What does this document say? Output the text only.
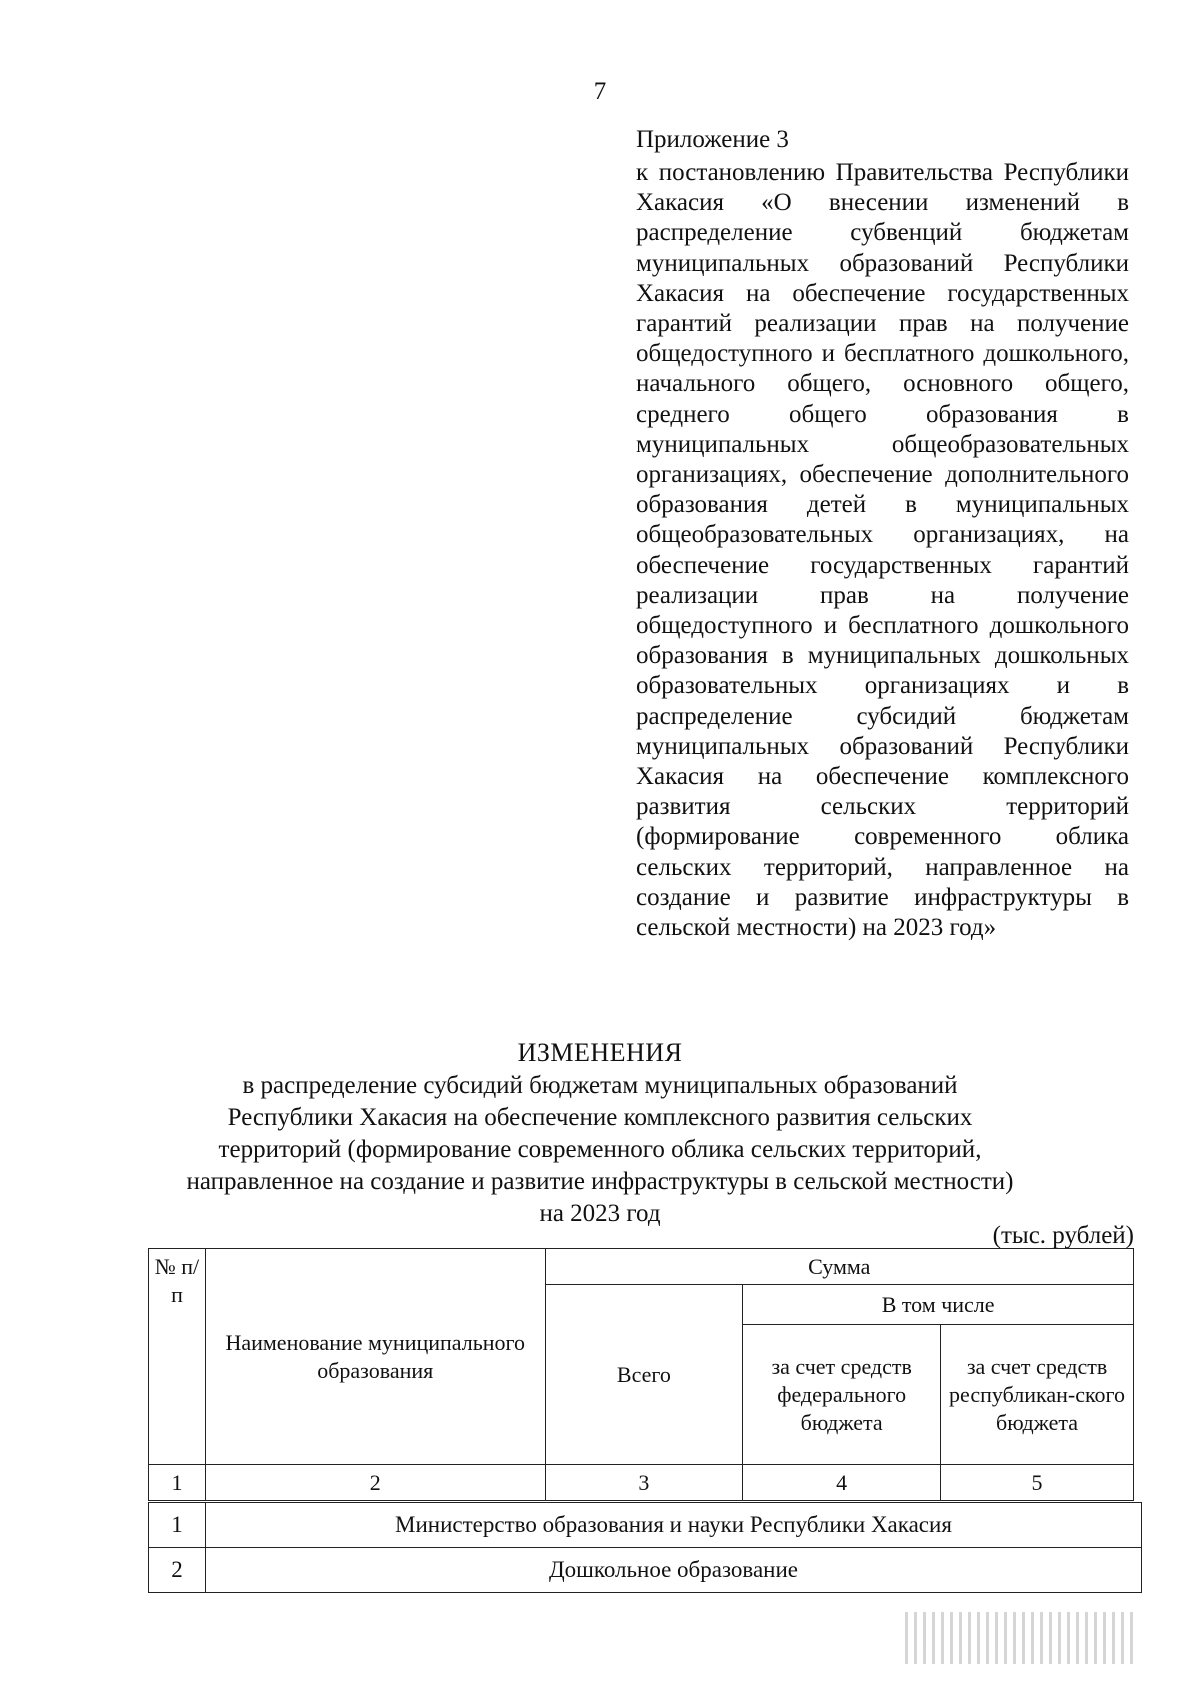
7
Приложение 3
к постановлению Правительства Республики Хакасия «О внесении изменений в распределение субвенций бюджетам муниципальных образований Республики Хакасия на обеспечение государственных гарантий реализации прав на получение общедоступного и бесплатного дошкольного, начального общего, основного общего, среднего общего образования в муниципальных общеобразовательных организациях, обеспечение дополнительного образования детей в муниципальных общеобразовательных организациях, на обеспечение государственных гарантий реализации прав на получение общедоступного и бесплатного дошкольного образования в муниципальных дошкольных образовательных организациях и в распределение субсидий бюджетам муниципальных образований Республики Хакасия на обеспечение комплексного развития сельских территорий (формирование современного облика сельских территорий, направленное на создание и развитие инфраструктуры в сельской местности) на 2023 год»
ИЗМЕНЕНИЯ
в распределение субсидий бюджетам муниципальных образований Республики Хакасия на обеспечение комплексного развития сельских территорий (формирование современного облика сельских территорий, направленное на создание и развитие инфраструктуры в сельской местности) на 2023 год
(тыс. рублей)
№ п/п	Наименование муниципального образования	Сумма		
		Всего	В том числе	
			за счет средств федерального бюджета	за счет средств республикан-ского бюджета

1	2	3	4	5
1	Министерство образования и науки Республики Хакасия
2	Дошкольное образование
